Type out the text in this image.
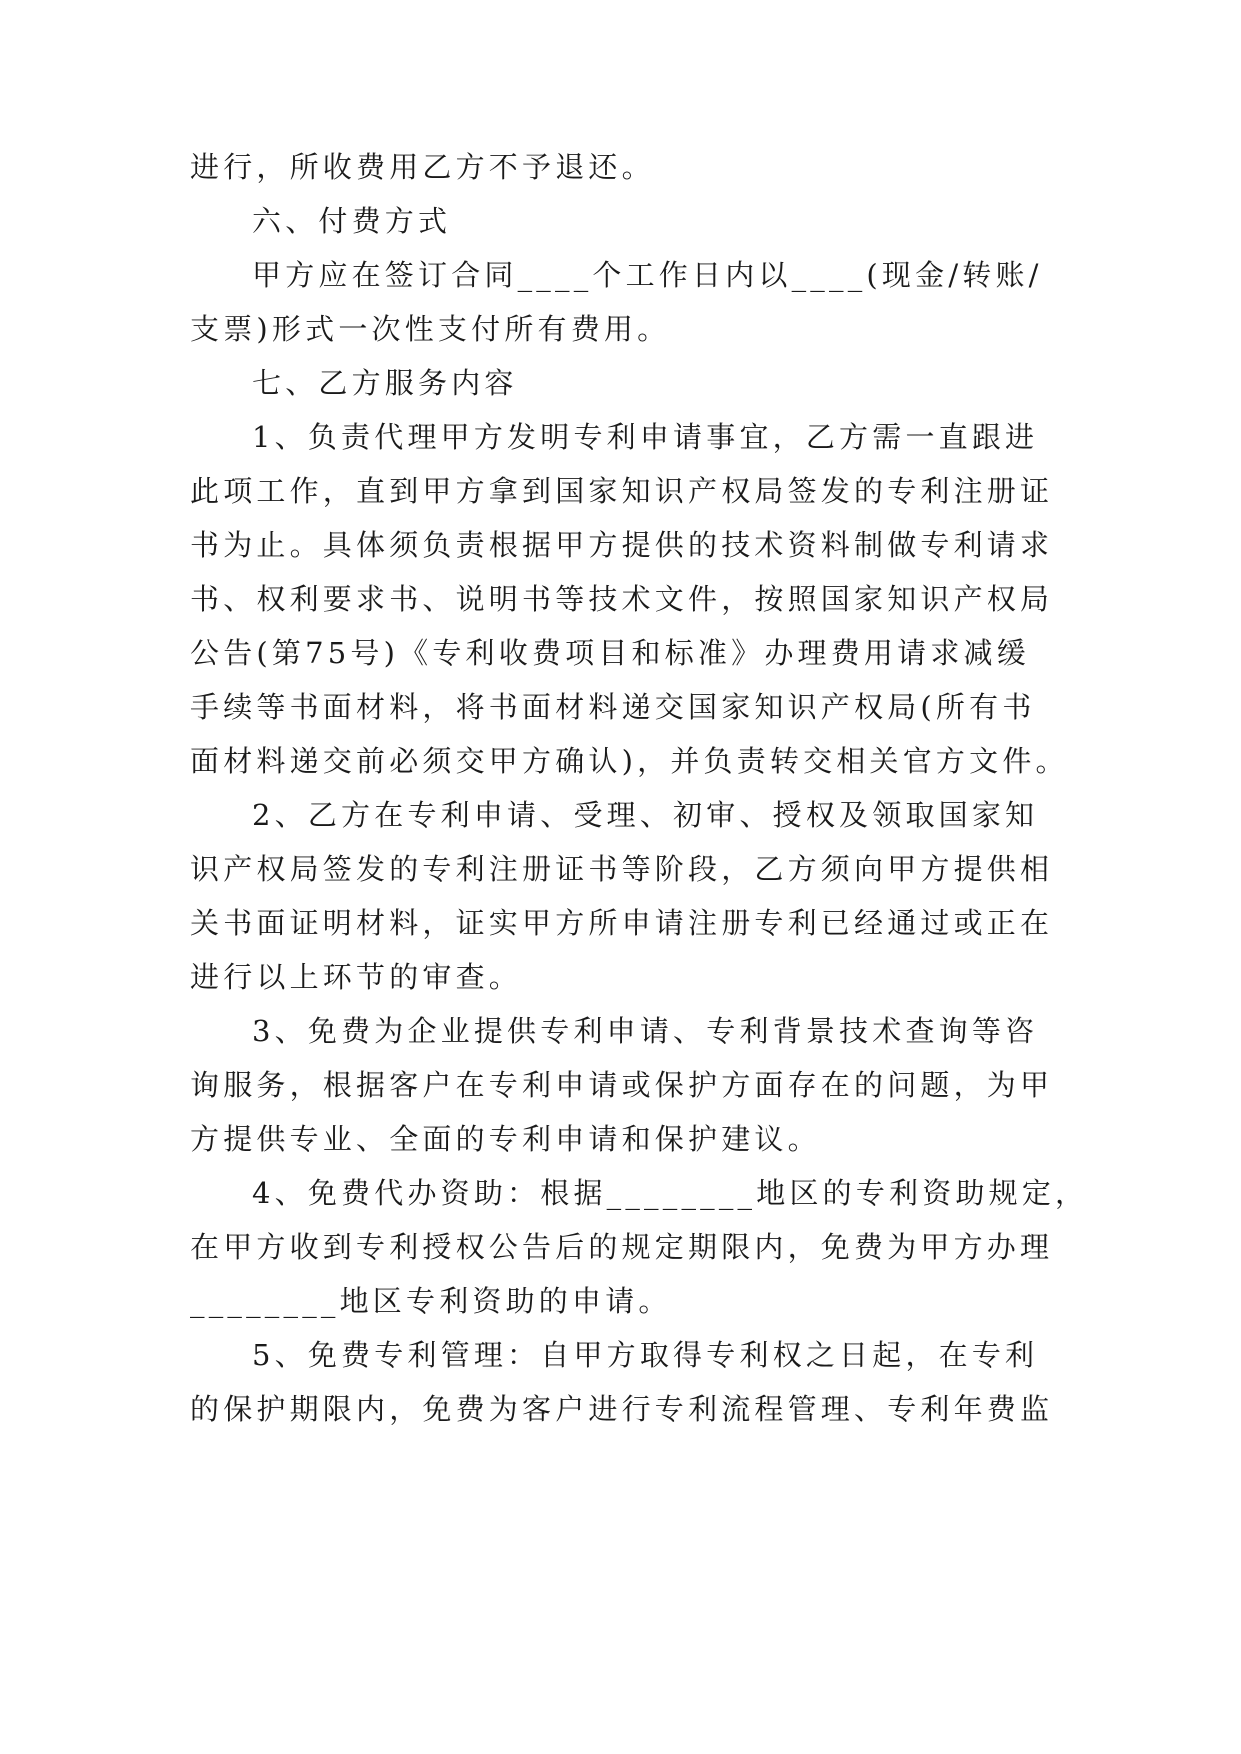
进行，所收费用乙方不予退还。
六、付费方式
甲方应在签订合同____个工作日内以____(现金/转账/
支票)形式一次性支付所有费用。
七、乙方服务内容
1、负责代理甲方发明专利申请事宜，乙方需一直跟进
此项工作，直到甲方拿到国家知识产权局签发的专利注册证
书为止。具体须负责根据甲方提供的技术资料制做专利请求
书、权利要求书、说明书等技术文件，按照国家知识产权局
公告(第75号)《专利收费项目和标准》办理费用请求减缓
手续等书面材料，将书面材料递交国家知识产权局(所有书
面材料递交前必须交甲方确认)，并负责转交相关官方文件。
2、乙方在专利申请、受理、初审、授权及领取国家知
识产权局签发的专利注册证书等阶段，乙方须向甲方提供相
关书面证明材料，证实甲方所申请注册专利已经通过或正在
进行以上环节的审查。
3、免费为企业提供专利申请、专利背景技术查询等咨
询服务，根据客户在专利申请或保护方面存在的问题，为甲
方提供专业、全面的专利申请和保护建议。
4、免费代办资助：根据________地区的专利资助规定，
在甲方收到专利授权公告后的规定期限内，免费为甲方办理
________地区专利资助的申请。
5、免费专利管理：自甲方取得专利权之日起，在专利
的保护期限内，免费为客户进行专利流程管理、专利年费监
